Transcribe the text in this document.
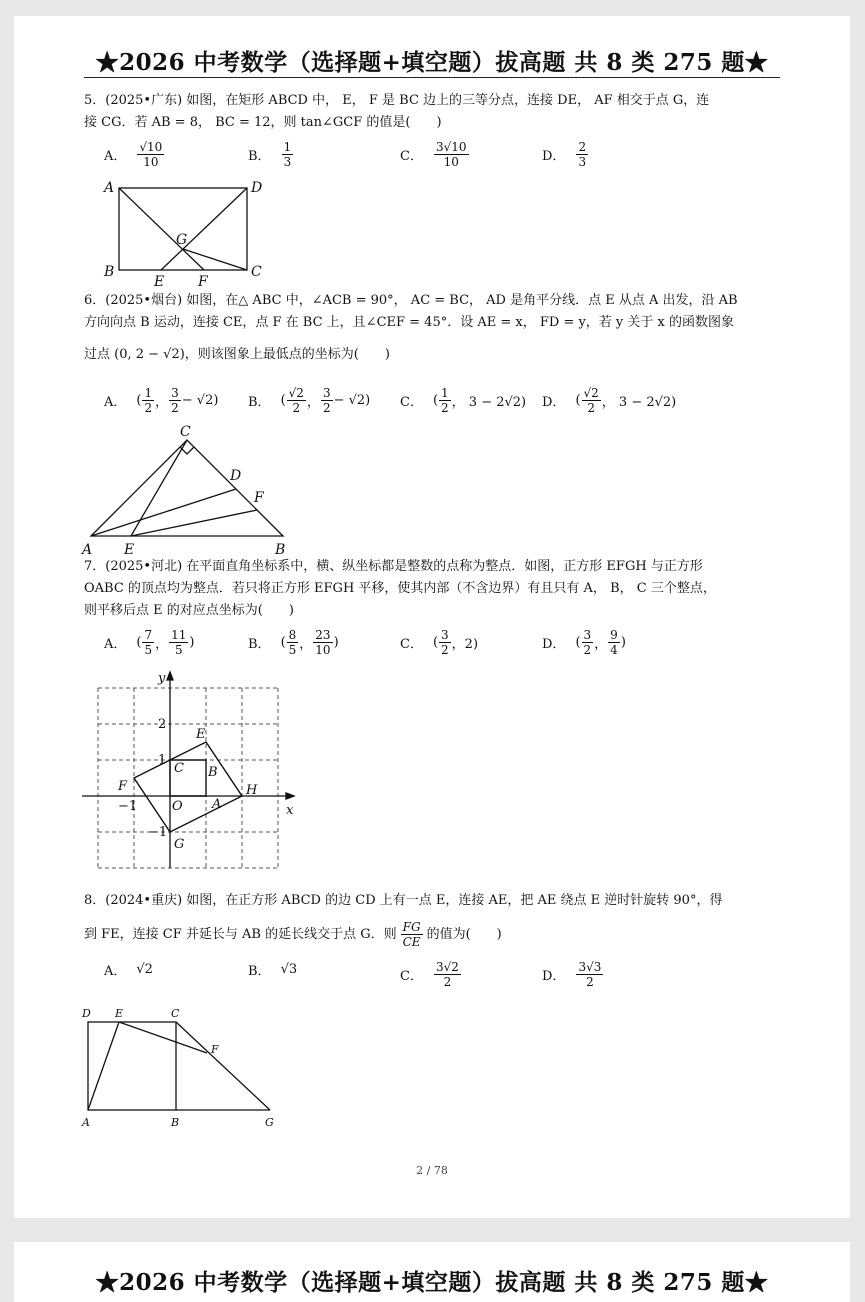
★2026 中考数学（选择题+填空题）拔高题 共 8 类 275 题★
5．(2025•广东) 如图，在矩形 ABCD 中， E， F 是 BC 边上的三等分点，连接 DE， AF 相交于点 G，连
接 CG．若 AB = 8， BC = 12，则 tan∠GCF 的值是(　　)
A． $\frac{√10}{10}$	B． $\frac{1}{3}$	C． $\frac{3√10}{10}$	D． $\frac{2}{3}$
A	D
B	C
E F
G
6．(2025•烟台) 如图，在△ ABC 中，∠ACB = 90°， AC = BC， AD 是角平分线．点 E 从点 A 出发，沿 AB
方向向点 B 运动，连接 CE，点 F 在 BC 上，且∠CEF = 45°．设 AE = x， FD = y，若 y 关于 x 的函数图象
过点 (0, 2 − √2)，则该图象上最低点的坐标为(　　)
A． ( $\frac{1}{2}$ ， $\frac{3}{2} - √2$) B． ( $\frac{√2}{2}$ ， $\frac{3}{2} - √2$) C． ( $\frac{1}{2}$ ， 3 − 2√2) D． ( $\frac{√2}{2}$ ， 3 − 2√2)
A E	B
C
D
F
7．(2025•河北) 在平面直角坐标系中，横、纵坐标都是整数的点称为整点．如图，正方形 EFGH 与正方形
OABC 的顶点均为整点．若只将正方形 EFGH 平移，使其内部（不含边界）有且只有 A， B， C 三个整点，
则平移后点 E 的对应点坐标为(　　)
A． ( $\frac{7}{5}$ ， $\frac{11}{5}$ )	B． ( $\frac{8}{5}$ ， $\frac{23}{10}$ )	C． ( $\frac{3}{2}$ ，2)	D． ( $\frac{3}{2}$ ， $\frac{9}{4}$ )
O A
B
C
E
F
G
H
x
y
2
1
−1
−1
8．(2024•重庆) 如图，在正方形 ABCD 的边 CD 上有一点 E，连接 AE，把 AE 绕点 E 逆时针旋转 90°，得
到 FE，连接 CF 并延长与 AB 的延长线交于点 G．则 $\frac{FG}{CE}$ 的值为(　　)
A． √2	B． √3	C． $\frac{3√2}{2}$	D． $\frac{3√3}{2}$
D E	C
F
A	B	G
2 / 78
★2026 中考数学（选择题+填空题）拔高题 共 8 类 275 题★
